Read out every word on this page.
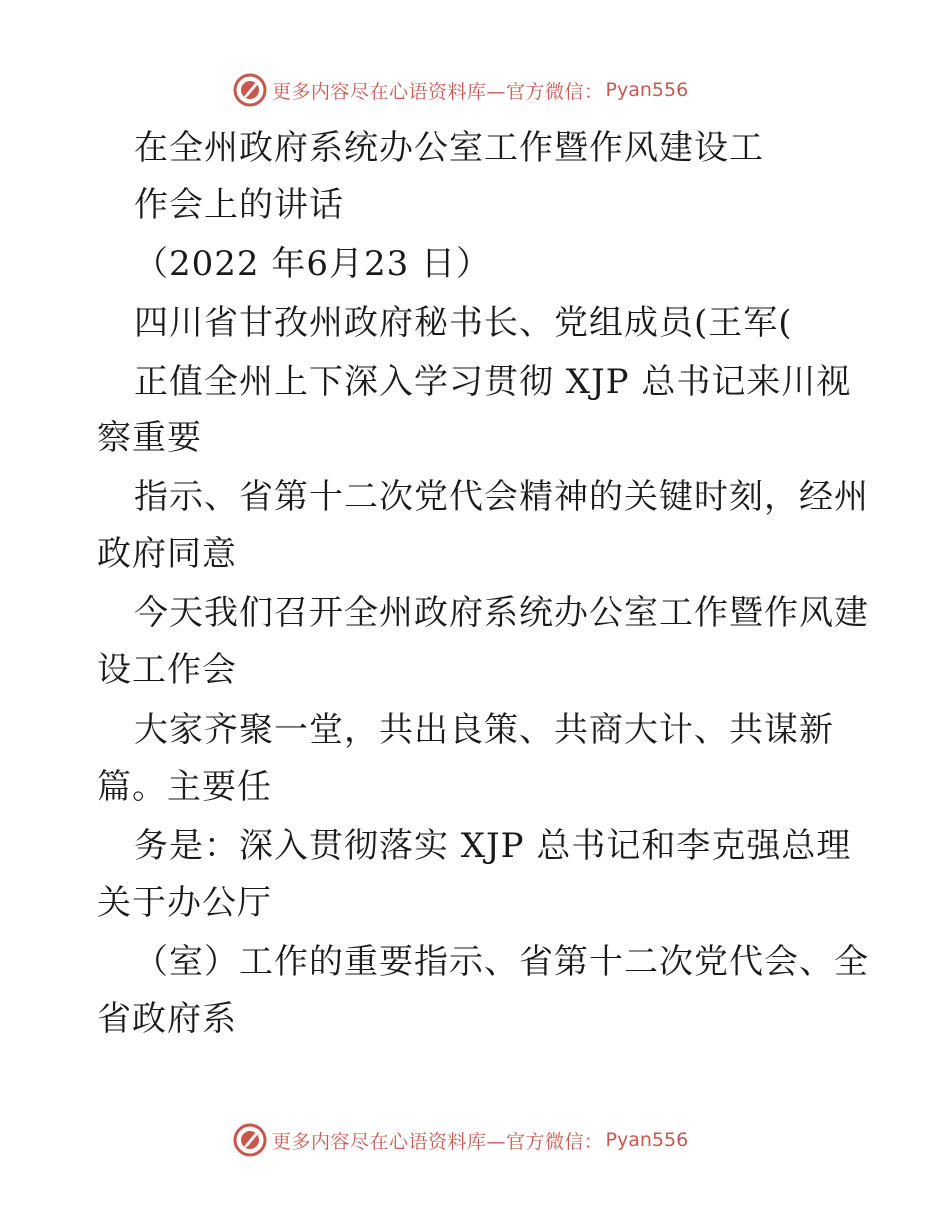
更多内容尽在心语资料库—官方微信： Pyan556
在全州政府系统办公室工作暨作风建设工
作会上的讲话
（2022 年6月23 日）
四川省甘孜州政府秘书长、党组成员(王军(
正值全州上下深入学习贯彻 XJP 总书记来川视
察重要
指示、省第十二次党代会精神的关键时刻，经州
政府同意
今天我们召开全州政府系统办公室工作暨作风建
设工作会
大家齐聚一堂，共出良策、共商大计、共谋新
篇。主要任
务是：深入贯彻落实 XJP 总书记和李克强总理
关于办公厅
（室）工作的重要指示、省第十二次党代会、全
省政府系
更多内容尽在心语资料库—官方微信： Pyan556
